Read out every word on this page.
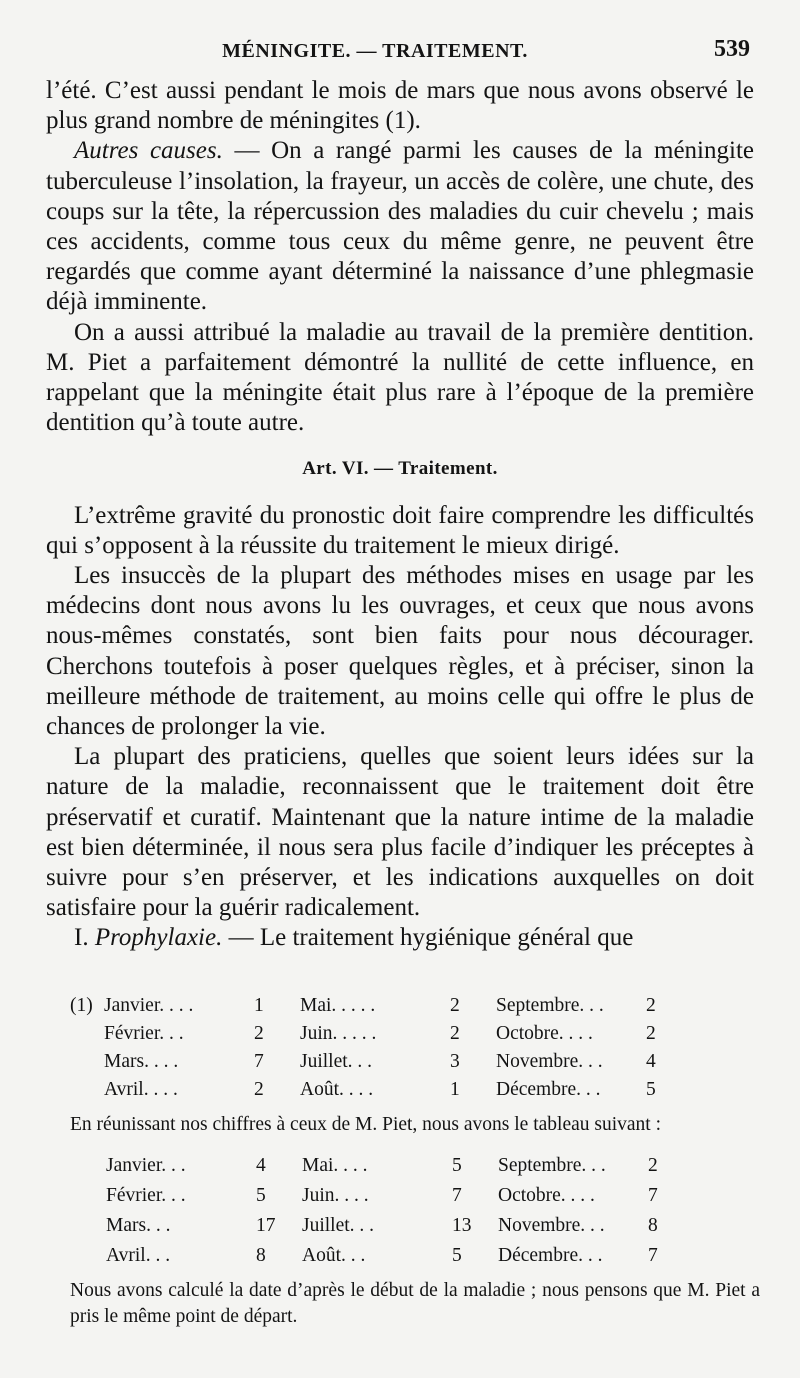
MÉNINGITE. — TRAITEMENT.	539

l’été. C’est aussi pendant le mois de mars que nous avons observé le plus grand nombre de méningites (1).

Autres causes. — On a rangé parmi les causes de la méningite tuberculeuse l’insolation, la frayeur, un accès de colère, une chute, des coups sur la tête, la répercussion des maladies du cuir chevelu ; mais ces accidents, comme tous ceux du même genre, ne peuvent être regardés que comme ayant déterminé la naissance d’une phlegmasie déjà imminente.

On a aussi attribué la maladie au travail de la première dentition. M. Piet a parfaitement démontré la nullité de cette influence, en rappelant que la méningite était plus rare à l’époque de la première dentition qu’à toute autre.

Art. VI. — Traitement.

L’extrême gravité du pronostic doit faire comprendre les difficultés qui s’opposent à la réussite du traitement le mieux dirigé.

Les insuccès de la plupart des méthodes mises en usage par les médecins dont nous avons lu les ouvrages, et ceux que nous avons nous-mêmes constatés, sont bien faits pour nous décourager. Cherchons toutefois à poser quelques règles, et à préciser, sinon la meilleure méthode de traitement, au moins celle qui offre le plus de chances de prolonger la vie.

La plupart des praticiens, quelles que soient leurs idées sur la nature de la maladie, reconnaissent que le traitement doit être préservatif et curatif. Maintenant que la nature intime de la maladie est bien déterminée, il nous sera plus facile d’indiquer les préceptes à suivre pour s’en préserver, et les indications auxquelles on doit satisfaire pour la guérir radicalement.

I. Prophylaxie. — Le traitement hygiénique général que

(1)	Janvier. . . .	1	Mai. . . . .	2	Septembre. . .	2
	Février. . .	2	Juin. . . . .	2	Octobre. . . .	2
	Mars. . . .	7	Juillet. . .	3	Novembre. . .	4
	Avril. . . .	2	Août. . . .	1	Décembre. . .	5

En réunissant nos chiffres à ceux de M. Piet, nous avons le tableau suivant :

Janvier. . .	4	Mai. . . .	5	Septembre. . .	2
Février. . .	5	Juin. . . .	7	Octobre. . . .	7
Mars. . .	17	Juillet. . .	13	Novembre. . .	8
Avril. . .	8	Août. . .	5	Décembre. . .	7

Nous avons calculé la date d’après le début de la maladie ; nous pensons que M. Piet a pris le même point de départ.
